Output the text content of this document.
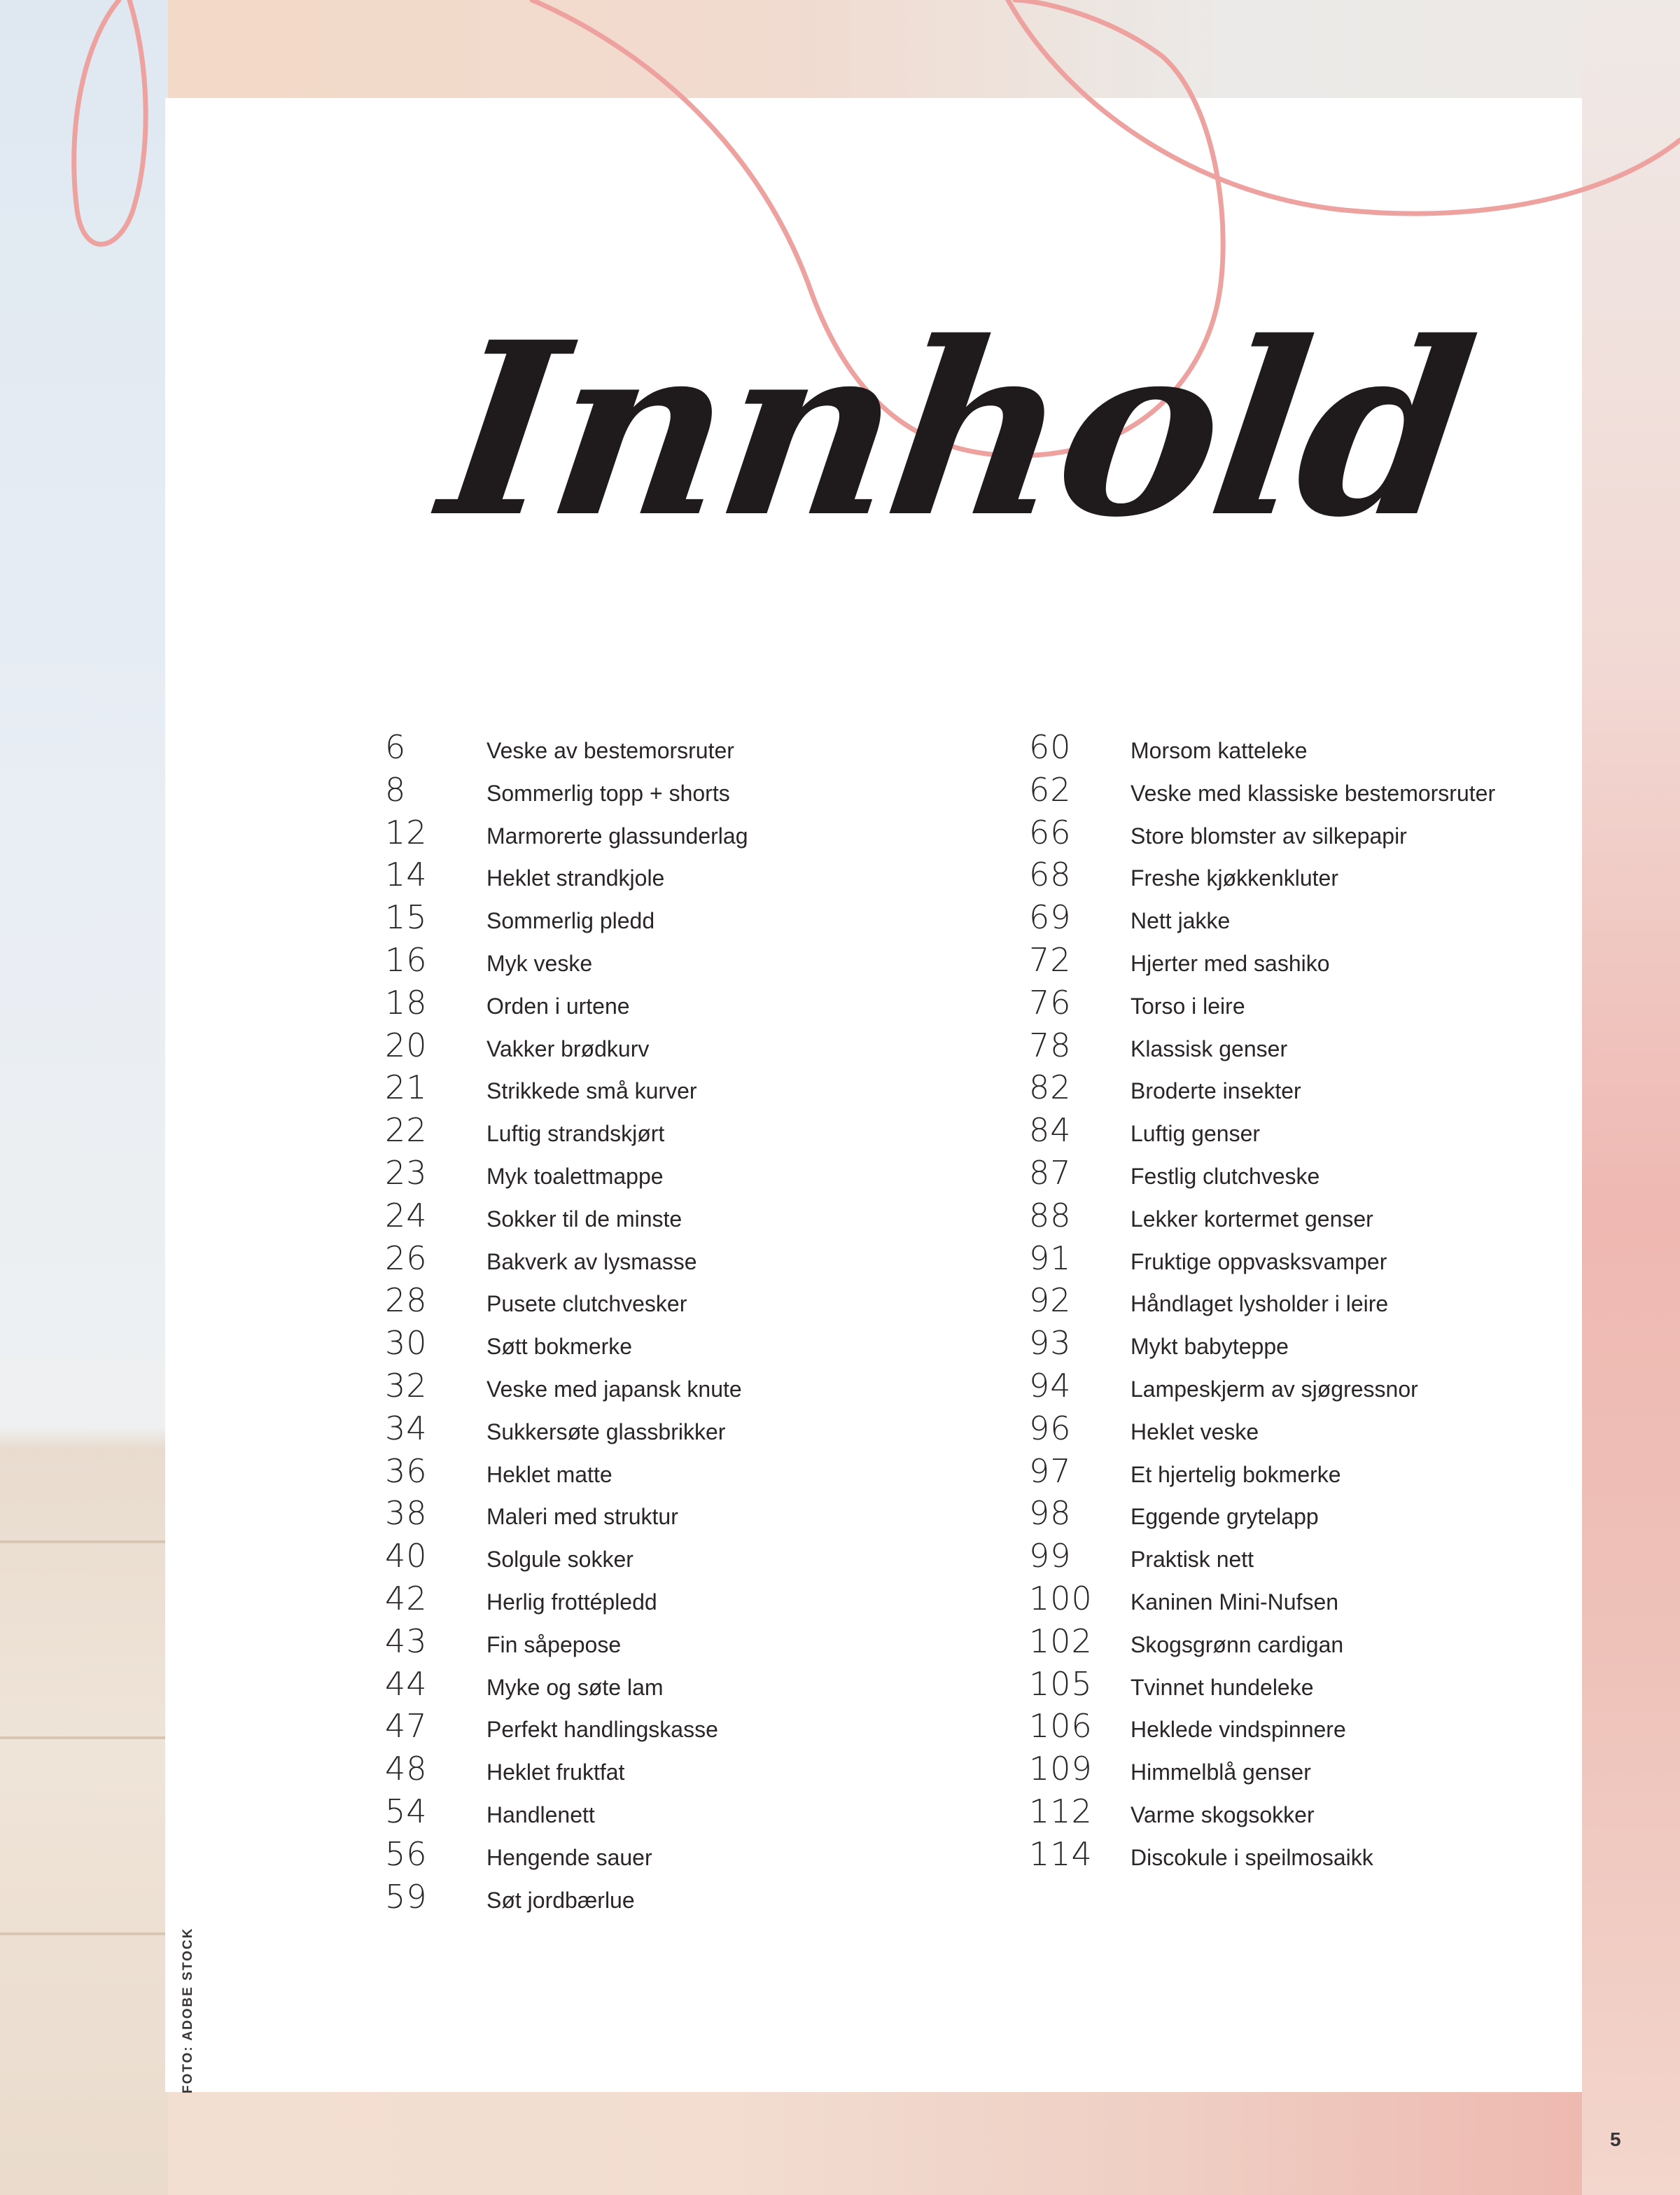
Innhold
6	Veske av bestemorsruter
8	Sommerlig topp + shorts
12	Marmorerte glassunderlag
14	Heklet strandkjole
15	Sommerlig pledd
16	Myk veske
18	Orden i urtene
20	Vakker brødkurv
21	Strikkede små kurver
22	Luftig strandskjørt
23	Myk toalettmappe
24	Sokker til de minste
26	Bakverk av lysmasse
28	Pusete clutchvesker
30	Søtt bokmerke
32	Veske med japansk knute
34	Sukkersøte glassbrikker
36	Heklet matte
38	Maleri med struktur
40	Solgule sokker
42	Herlig frottépledd
43	Fin såpepose
44	Myke og søte lam
47	Perfekt handlingskasse
48	Heklet fruktfat
54	Handlenett
56	Hengende sauer
59	Søt jordbærlue
60	Morsom katteleke
62	Veske med klassiske bestemorsruter
66	Store blomster av silkepapir
68	Freshe kjøkkenkluter
69	Nett jakke
72	Hjerter med sashiko
76	Torso i leire
78	Klassisk genser
82	Broderte insekter
84	Luftig genser
87	Festlig clutchveske
88	Lekker kortermet genser
91	Fruktige oppvasksvamper
92	Håndlaget lysholder i leire
93	Mykt babyteppe
94	Lampeskjerm av sjøgressnor
96	Heklet veske
97	Et hjertelig bokmerke
98	Eggende grytelapp
99	Praktisk nett
100	Kaninen Mini-Nufsen
102	Skogsgrønn cardigan
105	Tvinnet hundeleke
106	Heklede vindspinnere
109	Himmelblå genser
112	Varme skogsokker
114	Discokule i speilmosaikk

FOTO: ADOBE STOCK

5
